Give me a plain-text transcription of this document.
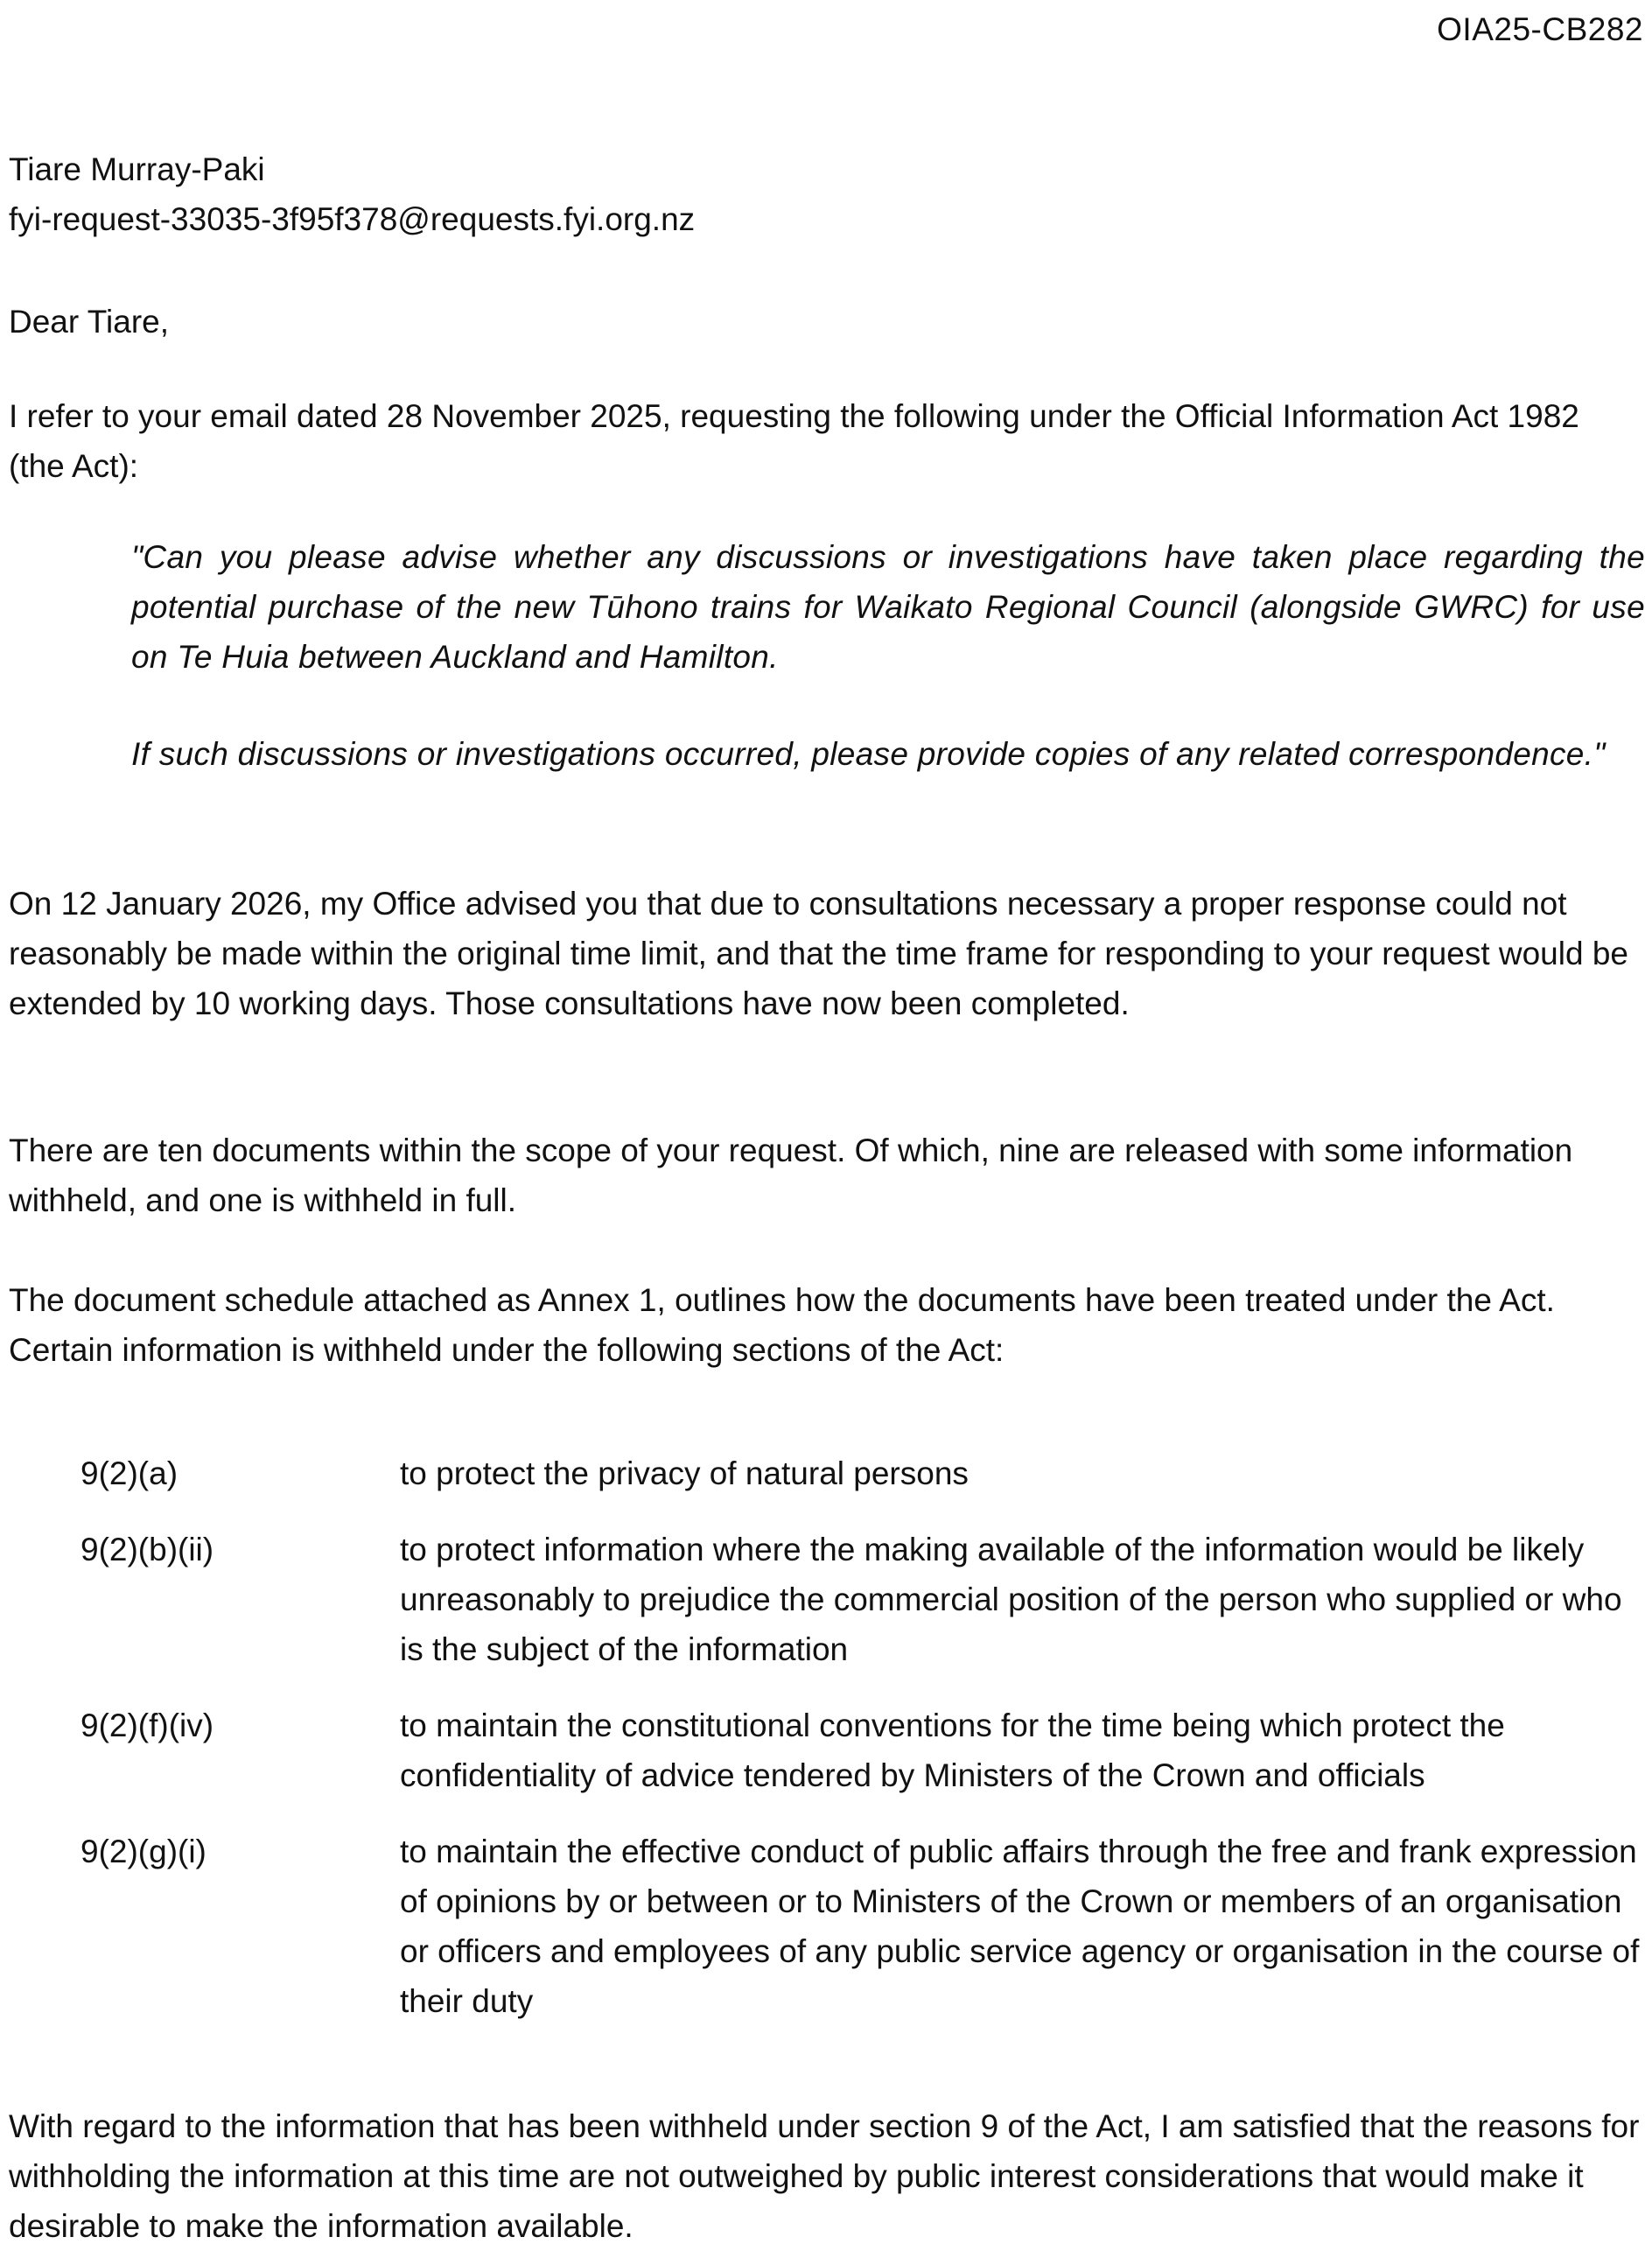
OIA25-CB282
Tiare Murray-Paki
fyi-request-33035-3f95f378@requests.fyi.org.nz
Dear Tiare,
I refer to your email dated 28 November 2025, requesting the following under the Official Information Act 1982 (the Act):
"Can you please advise whether any discussions or investigations have taken place regarding the potential purchase of the new Tūhono trains for Waikato Regional Council (alongside GWRC) for use on Te Huia between Auckland and Hamilton.
If such discussions or investigations occurred, please provide copies of any related correspondence."
On 12 January 2026, my Office advised you that due to consultations necessary a proper response could not reasonably be made within the original time limit, and that the time frame for responding to your request would be extended by 10 working days. Those consultations have now been completed.
There are ten documents within the scope of your request. Of which, nine are released with some information withheld, and one is withheld in full.
The document schedule attached as Annex 1, outlines how the documents have been treated under the Act. Certain information is withheld under the following sections of the Act:
9(2)(a)	to protect the privacy of natural persons
9(2)(b)(ii)	to protect information where the making available of the information would be likely unreasonably to prejudice the commercial position of the person who supplied or who is the subject of the information
9(2)(f)(iv)	to maintain the constitutional conventions for the time being which protect the confidentiality of advice tendered by Ministers of the Crown and officials
9(2)(g)(i)	to maintain the effective conduct of public affairs through the free and frank expression of opinions by or between or to Ministers of the Crown or members of an organisation or officers and employees of any public service agency or organisation in the course of their duty
With regard to the information that has been withheld under section 9 of the Act, I am satisfied that the reasons for withholding the information at this time are not outweighed by public interest considerations that would make it desirable to make the information available.
